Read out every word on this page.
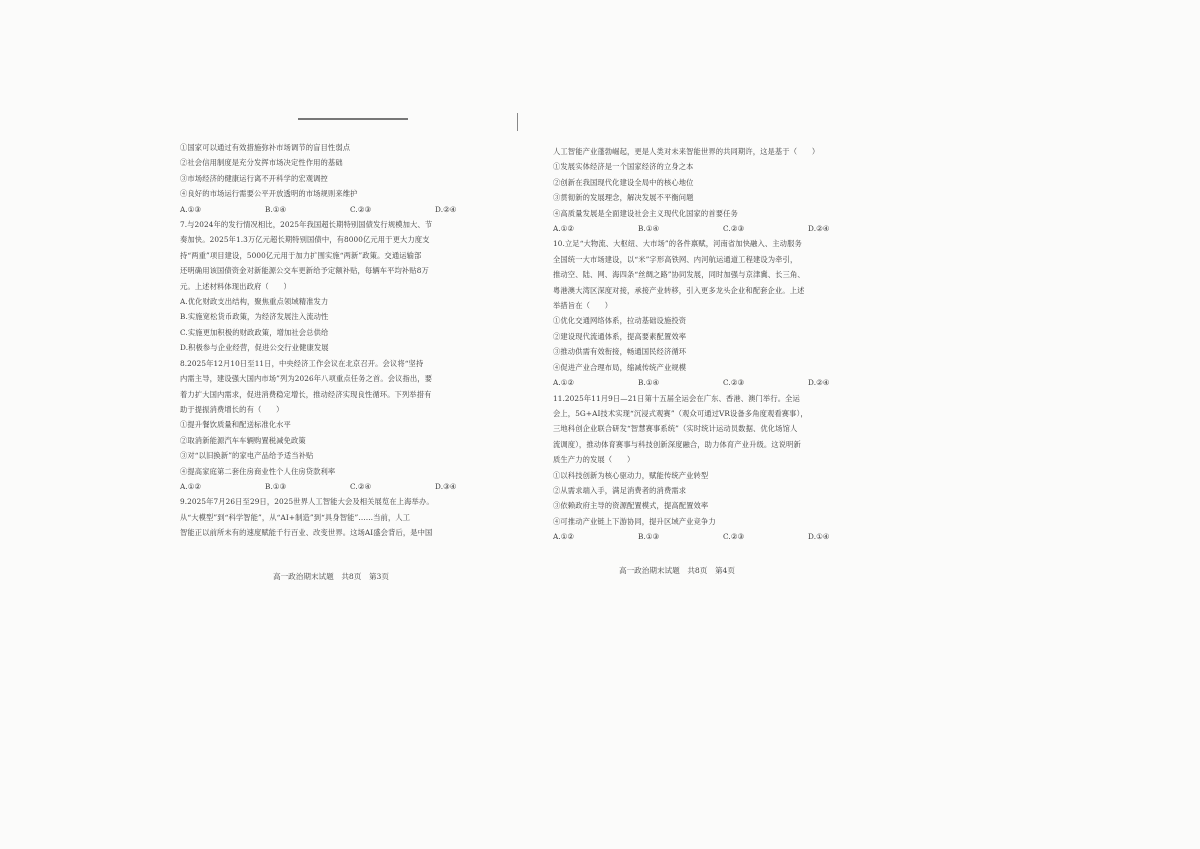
①国家可以通过有效措施弥补市场调节的盲目性弱点
②社会信用制度是充分发挥市场决定性作用的基础
③市场经济的健康运行离不开科学的宏观调控
④良好的市场运行需要公平开放透明的市场规则来维护
A.①③	B.①④	C.②③	D.②④
7.与2024年的发行情况相比，2025年我国超长期特别国债发行规模加大、节
奏加快。2025年1.3万亿元超长期特别国债中，有8000亿元用于更大力度支
持“两重”项目建设，5000亿元用于加力扩围实施“两新”政策。交通运输部
还明确用该国债资金对新能源公交车更新给予定额补贴，每辆车平均补贴8万
元。上述材料体现出政府（　　）
A.优化财政支出结构，聚焦重点领域精准发力
B.实施宽松货币政策，为经济发展注入流动性
C.实施更加积极的财政政策，增加社会总供给
D.积极参与企业经营，促进公交行业健康发展
8.2025年12月10日至11日，中央经济工作会议在北京召开。会议将“坚持
内需主导，建设强大国内市场”列为2026年八项重点任务之首。会议指出，要
着力扩大国内需求，促进消费稳定增长，推动经济实现良性循环。下列举措有
助于提振消费增长的有（　　）
①提升餐饮质量和配送标准化水平
②取消新能源汽车车辆购置税减免政策
③对“以旧换新”的家电产品给予适当补贴
④提高家庭第二套住房商业性个人住房贷款利率
A.①②	B.①③	C.②④	D.③④
9.2025年7月26日至29日，2025世界人工智能大会及相关展览在上海举办。
从“大模型”到“科学智能”，从“AI+制造”到“具身智能”……当前，人工
智能正以前所未有的速度赋能千行百业、改变世界。这场AI盛会背后，是中国
高一政治期末试题　共8页　第3页
人工智能产业蓬勃崛起，更是人类对未来智能世界的共同期许，这是基于（　　）
①发展实体经济是一个国家经济的立身之本
②创新在我国现代化建设全局中的核心地位
③贯彻新的发展理念，解决发展不平衡问题
④高质量发展是全面建设社会主义现代化国家的首要任务
A.①②	B.①④	C.②③	D.②④
10.立足“大物流、大枢纽、大市场”的各件禀赋，河南省加快融入、主动服务
全国统一大市场建设，以“米”字形高铁网、内河航运通道工程建设为牵引，
推动空、陆、网、海四条“丝绸之路”协同发展，同时加强与京津冀、长三角、
粤港澳大湾区深度对接，承接产业转移，引入更多龙头企业和配套企业。上述
举措旨在（　　）
①优化交通网络体系，拉动基础设施投资
②建设现代流通体系，提高要素配置效率
③推动供需有效衔接，畅通国民经济循环
④促进产业合理布局，缩减传统产业规模
A.①②	B.①④	C.②③	D.②④
11.2025年11月9日—21日第十五届全运会在广东、香港、澳门举行。全运
会上，5G+AI技术实现“沉浸式观赛”（观众可通过VR设备多角度观看赛事），
三地科创企业联合研发“智慧赛事系统”（实时统计运动员数据、优化场馆人
流调度），推动体育赛事与科技创新深度融合，助力体育产业升级。这说明新
质生产力的发展（　　）
①以科技创新为核心驱动力，赋能传统产业转型
②从需求端入手，满足消费者的消费需求
③依赖政府主导的资源配置模式，提高配置效率
④可推动产业链上下游协同，提升区域产业竞争力
A.①②	B.①③	C.②③	D.①④
高一政治期末试题　共8页　第4页
